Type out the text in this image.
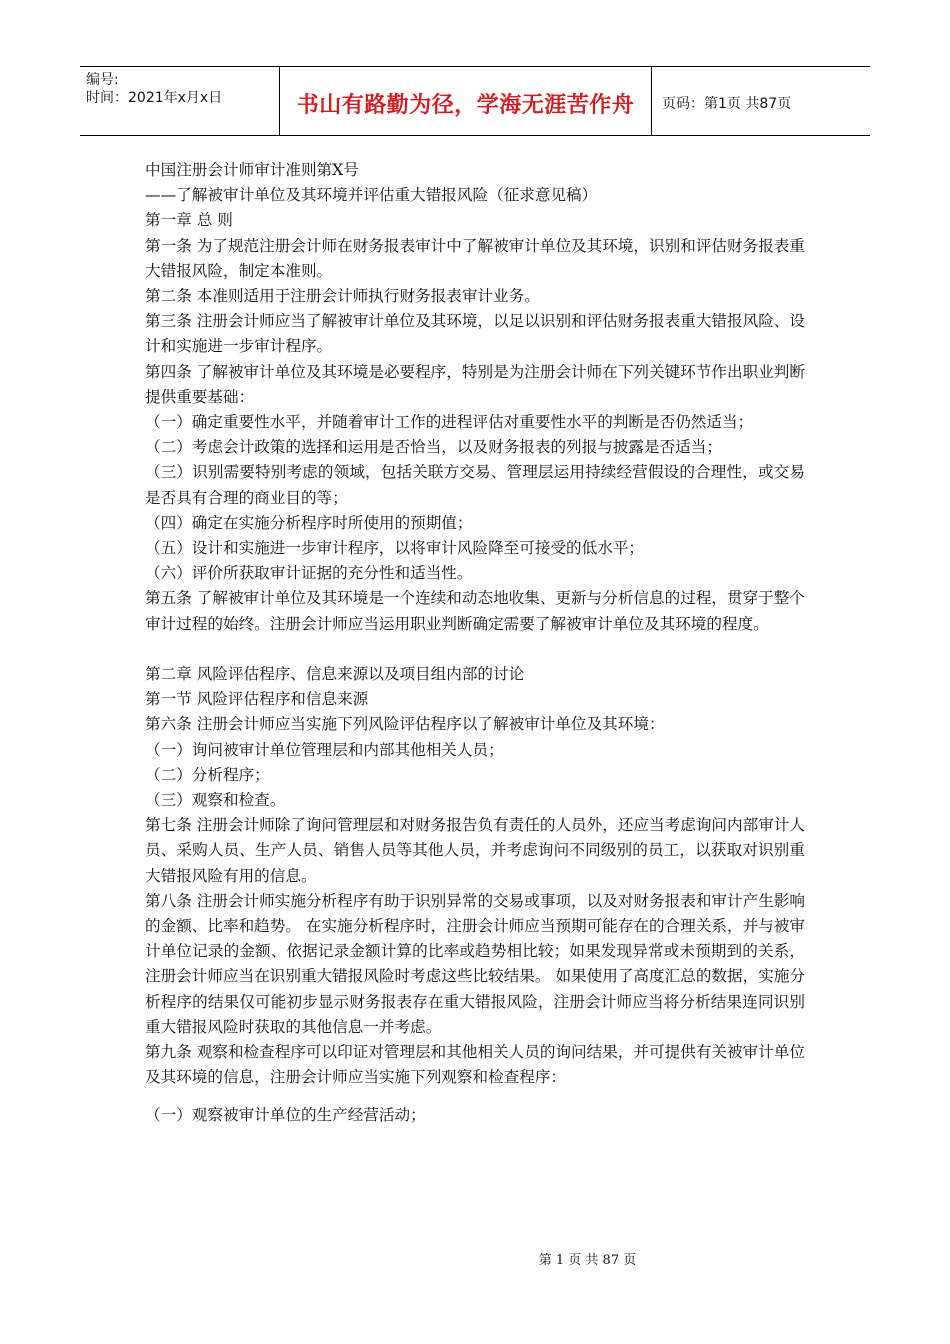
编号:
时间：2021年x月x日	书山有路勤为径，学海无涯苦作舟	页码：第1页 共87页

中国注册会计师审计准则第X号

——了解被审计单位及其环境并评估重大错报风险（征求意见稿）

第一章 总 则

第一条 为了规范注册会计师在财务报表审计中了解被审计单位及其环境，识别和评估财务报表重大错报风险，制定本准则。

第二条 本准则适用于注册会计师执行财务报表审计业务。

第三条 注册会计师应当了解被审计单位及其环境，以足以识别和评估财务报表重大错报风险、设计和实施进一步审计程序。

第四条 了解被审计单位及其环境是必要程序，特别是为注册会计师在下列关键环节作出职业判断提供重要基础：

（一）确定重要性水平，并随着审计工作的进程评估对重要性水平的判断是否仍然适当；

（二）考虑会计政策的选择和运用是否恰当，以及财务报表的列报与披露是否适当；

（三）识别需要特别考虑的领域，包括关联方交易、管理层运用持续经营假设的合理性，或交易是否具有合理的商业目的等；

（四）确定在实施分析程序时所使用的预期值；

（五）设计和实施进一步审计程序，以将审计风险降至可接受的低水平；

（六）评价所获取审计证据的充分性和适当性。

第五条 了解被审计单位及其环境是一个连续和动态地收集、更新与分析信息的过程，贯穿于整个审计过程的始终。注册会计师应当运用职业判断确定需要了解被审计单位及其环境的程度。

第二章 风险评估程序、信息来源以及项目组内部的讨论

第一节 风险评估程序和信息来源

第六条 注册会计师应当实施下列风险评估程序以了解被审计单位及其环境：

（一）询问被审计单位管理层和内部其他相关人员；

（二）分析程序；

（三）观察和检查。

第七条 注册会计师除了询问管理层和对财务报告负有责任的人员外，还应当考虑询问内部审计人员、采购人员、生产人员、销售人员等其他人员，并考虑询问不同级别的员工，以获取对识别重大错报风险有用的信息。

第八条 注册会计师实施分析程序有助于识别异常的交易或事项，以及对财务报表和审计产生影响的金额、比率和趋势。 在实施分析程序时，注册会计师应当预期可能存在的合理关系，并与被审计单位记录的金额、依据记录金额计算的比率或趋势相比较；如果发现异常或未预期到的关系，注册会计师应当在识别重大错报风险时考虑这些比较结果。 如果使用了高度汇总的数据，实施分析程序的结果仅可能初步显示财务报表存在重大错报风险，注册会计师应当将分析结果连同识别重大错报风险时获取的其他信息一并考虑。

第九条 观察和检查程序可以印证对管理层和其他相关人员的询问结果，并可提供有关被审计单位及其环境的信息，注册会计师应当实施下列观察和检查程序：

（一）观察被审计单位的生产经营活动；

第 1 页 共 87 页
